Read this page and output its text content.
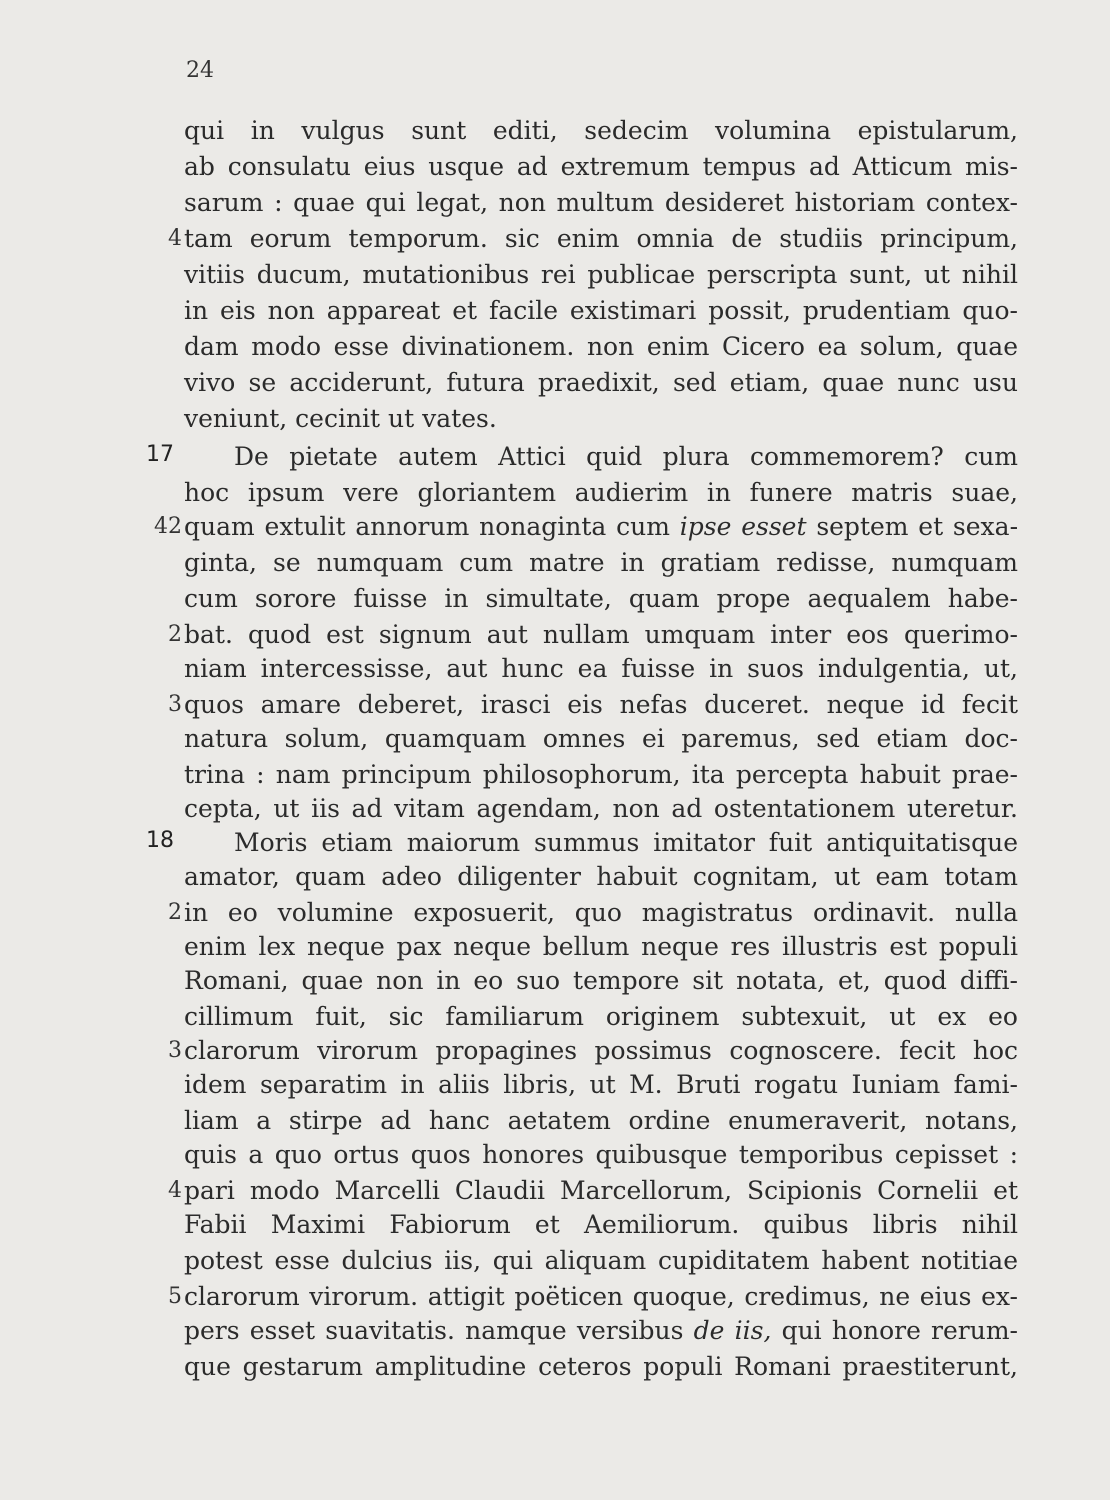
24
qui in vulgus sunt editi, sedecim volumina epistularum,
ab consulatu eius usque ad extremum tempus ad Atticum mis-
sarum : quae qui legat, non multum desideret historiam contex-
tam eorum temporum. sic enim omnia de studiis principum,
vitiis ducum, mutationibus rei publicae perscripta sunt, ut nihil
in eis non appareat et facile existimari possit, prudentiam quo-
dam modo esse divinationem. non enim Cicero ea solum, quae
vivo se acciderunt, futura praedixit, sed etiam, quae nunc usu
veniunt, cecinit ut vates.
De pietate autem Attici quid plura commemorem? cum
hoc ipsum vere gloriantem audierim in funere matris suae,
quam extulit annorum nonaginta cum ipse esset septem et sexa-
ginta, se numquam cum matre in gratiam redisse, numquam
cum sorore fuisse in simultate, quam prope aequalem habe-
bat. quod est signum aut nullam umquam inter eos querimo-
niam intercessisse, aut hunc ea fuisse in suos indulgentia, ut,
quos amare deberet, irasci eis nefas duceret. neque id fecit
natura solum, quamquam omnes ei paremus, sed etiam doc-
trina : nam principum philosophorum, ita percepta habuit prae-
cepta, ut iis ad vitam agendam, non ad ostentationem uteretur.
Moris etiam maiorum summus imitator fuit antiquitatisque
amator, quam adeo diligenter habuit cognitam, ut eam totam
in eo volumine exposuerit, quo magistratus ordinavit. nulla
enim lex neque pax neque bellum neque res illustris est populi
Romani, quae non in eo suo tempore sit notata, et, quod diffi-
cillimum fuit, sic familiarum originem subtexuit, ut ex eo
clarorum virorum propagines possimus cognoscere. fecit hoc
idem separatim in aliis libris, ut M. Bruti rogatu Iuniam fami-
liam a stirpe ad hanc aetatem ordine enumeraverit, notans,
quis a quo ortus quos honores quibusque temporibus cepisset :
pari modo Marcelli Claudii Marcellorum, Scipionis Cornelii et
Fabii Maximi Fabiorum et Aemiliorum. quibus libris nihil
potest esse dulcius iis, qui aliquam cupiditatem habent notitiae
clarorum virorum. attigit poëticen quoque, credimus, ne eius ex-
pers esset suavitatis. namque versibus de iis, qui honore rerum-
que gestarum amplitudine ceteros populi Romani praestiterunt,
4
42
2
3
2
3
4
5
17
18
